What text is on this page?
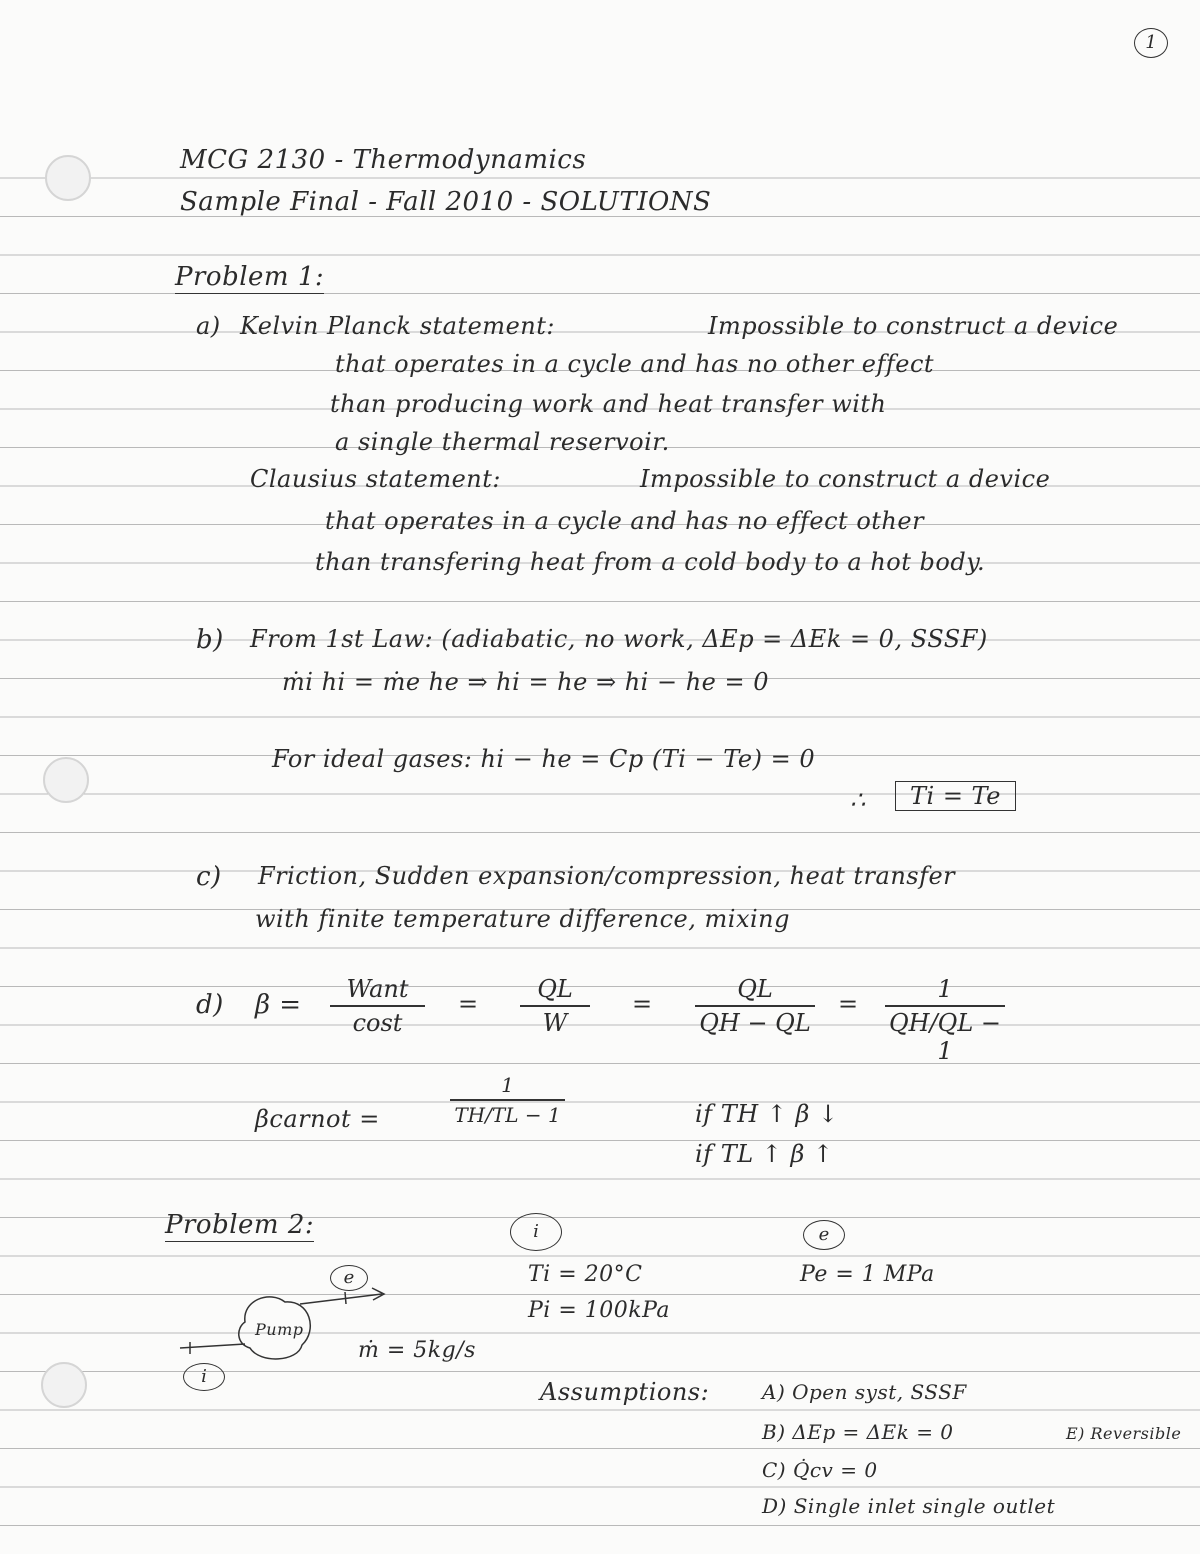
1
MCG 2130 - Thermodynamics
Sample Final - Fall 2010 - SOLUTIONS
Problem 1:
a) Kelvin Planck statement:	Impossible to construct a device
that operates in a cycle and has no other effect
than producing work and heat transfer with
a single thermal reservoir.
Clausius statement:	Impossible to construct a device
that operates in a cycle and has no effect other
than transfering heat from a cold body to a hot body.
b) From 1st Law: (adiabatic, no work, ΔEp = ΔEk = 0, SSSF)
ṁi hi = ṁe he ⇒ hi = he ⇒ hi − he = 0
For ideal gases: hi − he = Cp (Ti − Te) = 0
∴	Ti = Te
c) Friction, Sudden expansion/compression, heat transfer
with finite temperature difference, mixing
d) β =
Want
cost
= $\frac{QL}{W} = \frac{QL}{QH - QL} = \frac{1}{QH/QL - 1}$
βcarnot =	$\frac{1}{TH/TL - 1}$	if TH ↑ β ↓
if TL ↑ β ↑
Problem 2:	i
Ti = 20°C
Pi = 100kPa
e
Pe = 1 MPa
Pump
i
e
ṁ = 5kg/s
Assumptions:	A) Open syst, SSSF
B) ΔEp = ΔEk = 0	E) Reversible
C) Q̇cv = 0
D) Single inlet single outlet
